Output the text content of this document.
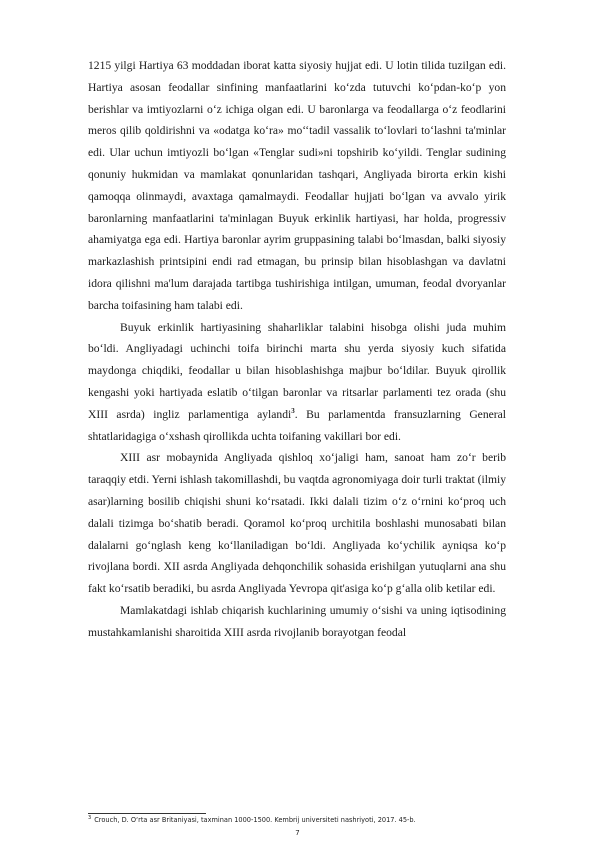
1215 yilgi Hartiya 63 moddadan iborat katta siyosiy hujjat edi. U lotin tilida tuzilgan edi. Hartiya asosan feodallar sinfining manfaatlarini ko‘zda tutuvchi ko‘pdan-ko‘p yon berishlar va imtiyozlarni o‘z ichiga olgan edi. U baronlarga va feodallarga o‘z feodlarini meros qilib qoldirishni va «odatga ko‘ra» mo‘‘tadil vassalik to‘lovlari to‘lashni ta'minlar edi. Ular uchun imtiyozli bo‘lgan «Tenglar sudi»ni topshirib ko‘yildi. Tenglar sudining qonuniy hukmidan va mamlakat qonunlaridan tashqari, Angliyada birorta erkin kishi qamoqqa olinmaydi, avaxtaga qamalmaydi. Feodallar hujjati bo‘lgan va avvalo yirik baronlarning manfaatlarini ta'minlagan Buyuk erkinlik hartiyasi, har holda, progressiv ahamiyatga ega edi. Hartiya baronlar ayrim gruppasining talabi bo‘lmasdan, balki siyosiy markazlashish printsipini endi rad etmagan, bu prinsip bilan hisoblashgan va davlatni idora qilishni ma'lum darajada tartibga tushirishiga intilgan, umuman, feodal dvoryanlar barcha toifasining ham talabi edi.

Buyuk erkinlik hartiyasining shaharliklar talabini hisobga olishi juda muhim bo‘ldi. Angliyadagi uchinchi toifa birinchi marta shu yerda siyosiy kuch sifatida maydonga chiqdiki, feodallar u bilan hisoblashishga majbur bo‘ldilar. Buyuk qirollik kengashi yoki hartiyada eslatib o‘tilgan baronlar va ritsarlar parlamenti tez orada (shu XIII asrda) ingliz parlamentiga aylandi$^3$. Bu parlamentda fransuzlarning General shtatlaridagiga o‘xshash qirollikda uchta toifaning vakillari bor edi.

XIII asr mobaynida Angliyada qishloq xo‘jaligi ham, sanoat ham zo‘r berib taraqqiy etdi. Yerni ishlash takomillashdi, bu vaqtda agronomiyaga doir turli traktat (ilmiy asar)larning bosilib chiqishi shuni ko‘rsatadi. Ikki dalali tizim o‘z o‘rnini ko‘proq uch dalali tizimga bo‘shatib beradi. Qoramol ko‘proq urchitila boshlashi munosabati bilan dalalarni go‘nglash keng ko‘llaniladigan bo‘ldi. Angliyada ko‘ychilik ayniqsa ko‘p rivojlana bordi. XII asrda Angliyada dehqonchilik sohasida erishilgan yutuqlarni ana shu fakt ko‘rsatib beradiki, bu asrda Angliyada Yevropa qit'asiga ko‘p g‘alla olib ketilar edi.

Mamlakatdagi ishlab chiqarish kuchlarining umumiy o‘sishi va uning iqtisodining mustahkamlanishi sharoitida XIII asrda rivojlanib borayotgan feodal

$^3$ Crouch, D. O‘rta asr Britaniyasi, taxminan 1000-1500. Kembrij universiteti nashriyoti, 2017. 45-b.
7
